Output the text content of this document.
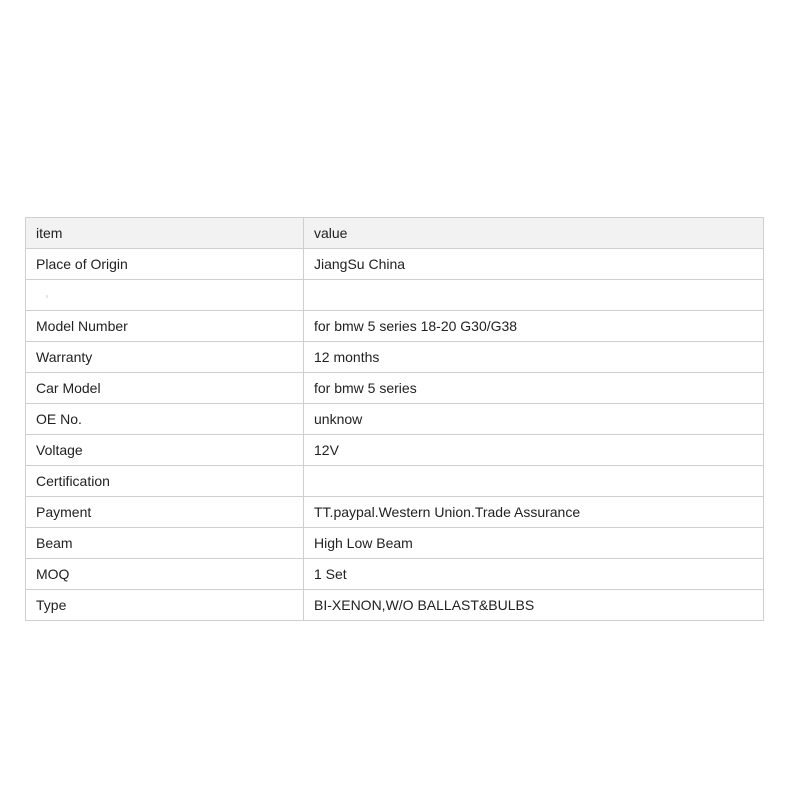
item	value
Place of Origin	JiangSu China

Model Number	for bmw 5 series 18-20 G30/G38
Warranty	12 months
Car Model	for bmw 5 series
OE No.	unknow
Voltage	12V
Certification	
Payment	TT.paypal.Western Union.Trade Assurance
Beam	High Low Beam
MOQ	1 Set
Type	BI-XENON,W/O BALLAST&BULBS
